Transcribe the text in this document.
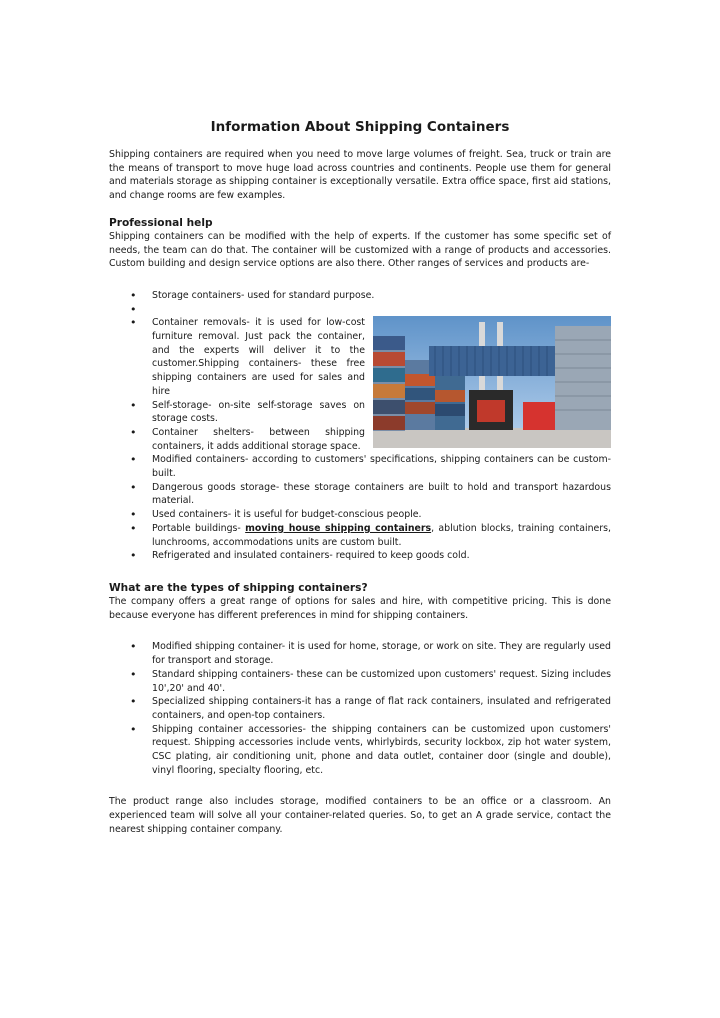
Information About Shipping Containers

Shipping containers are required when you need to move large volumes of freight. Sea, truck or train are the means of transport to move huge load across countries and continents. People use them for general and materials storage as shipping container is exceptionally versatile. Extra office space, first aid stations, and change rooms are few examples.

Professional help

Shipping containers can be modified with the help of experts. If the customer has some specific set of needs, the team can do that. The container will be customized with a range of products and accessories. Custom building and design service options are also there. Other ranges of services and products are-

• Storage containers- used for standard purpose.
•

• Container removals- it is used for low-cost furniture removal. Just pack the container, and the experts will deliver it to the customer.Shipping containers- these free shipping containers are used for sales and hire
• Self-storage- on-site self-storage saves on storage costs.
• Container shelters- between shipping containers, it adds additional storage space.
• Modified containers- according to customers' specifications, shipping containers can be custom-built.
• Dangerous goods storage- these storage containers are built to hold and transport hazardous material.
• Used containers- it is useful for budget-conscious people.
• Portable buildings- moving house shipping containers, ablution blocks, training containers, lunchrooms, accommodations units are custom built.
• Refrigerated and insulated containers- required to keep goods cold.
What are the types of shipping containers?

The company offers a great range of options for sales and hire, with competitive pricing. This is done because everyone has different preferences in mind for shipping containers.

• Modified shipping container- it is used for home, storage, or work on site. They are regularly used for transport and storage.
• Standard shipping containers- these can be customized upon customers' request. Sizing includes 10',20' and 40'.
• Specialized shipping containers-it has a range of flat rack containers, insulated and refrigerated containers, and open-top containers.
• Shipping container accessories- the shipping containers can be customized upon customers' request. Shipping accessories include vents, whirlybirds, security lockbox, zip hot water system, CSC plating, air conditioning unit, phone and data outlet, container door (single and double), vinyl flooring, specialty flooring, etc.

The product range also includes storage, modified containers to be an office or a classroom. An experienced team will solve all your container-related queries. So, to get an A grade service, contact the nearest shipping container company.
